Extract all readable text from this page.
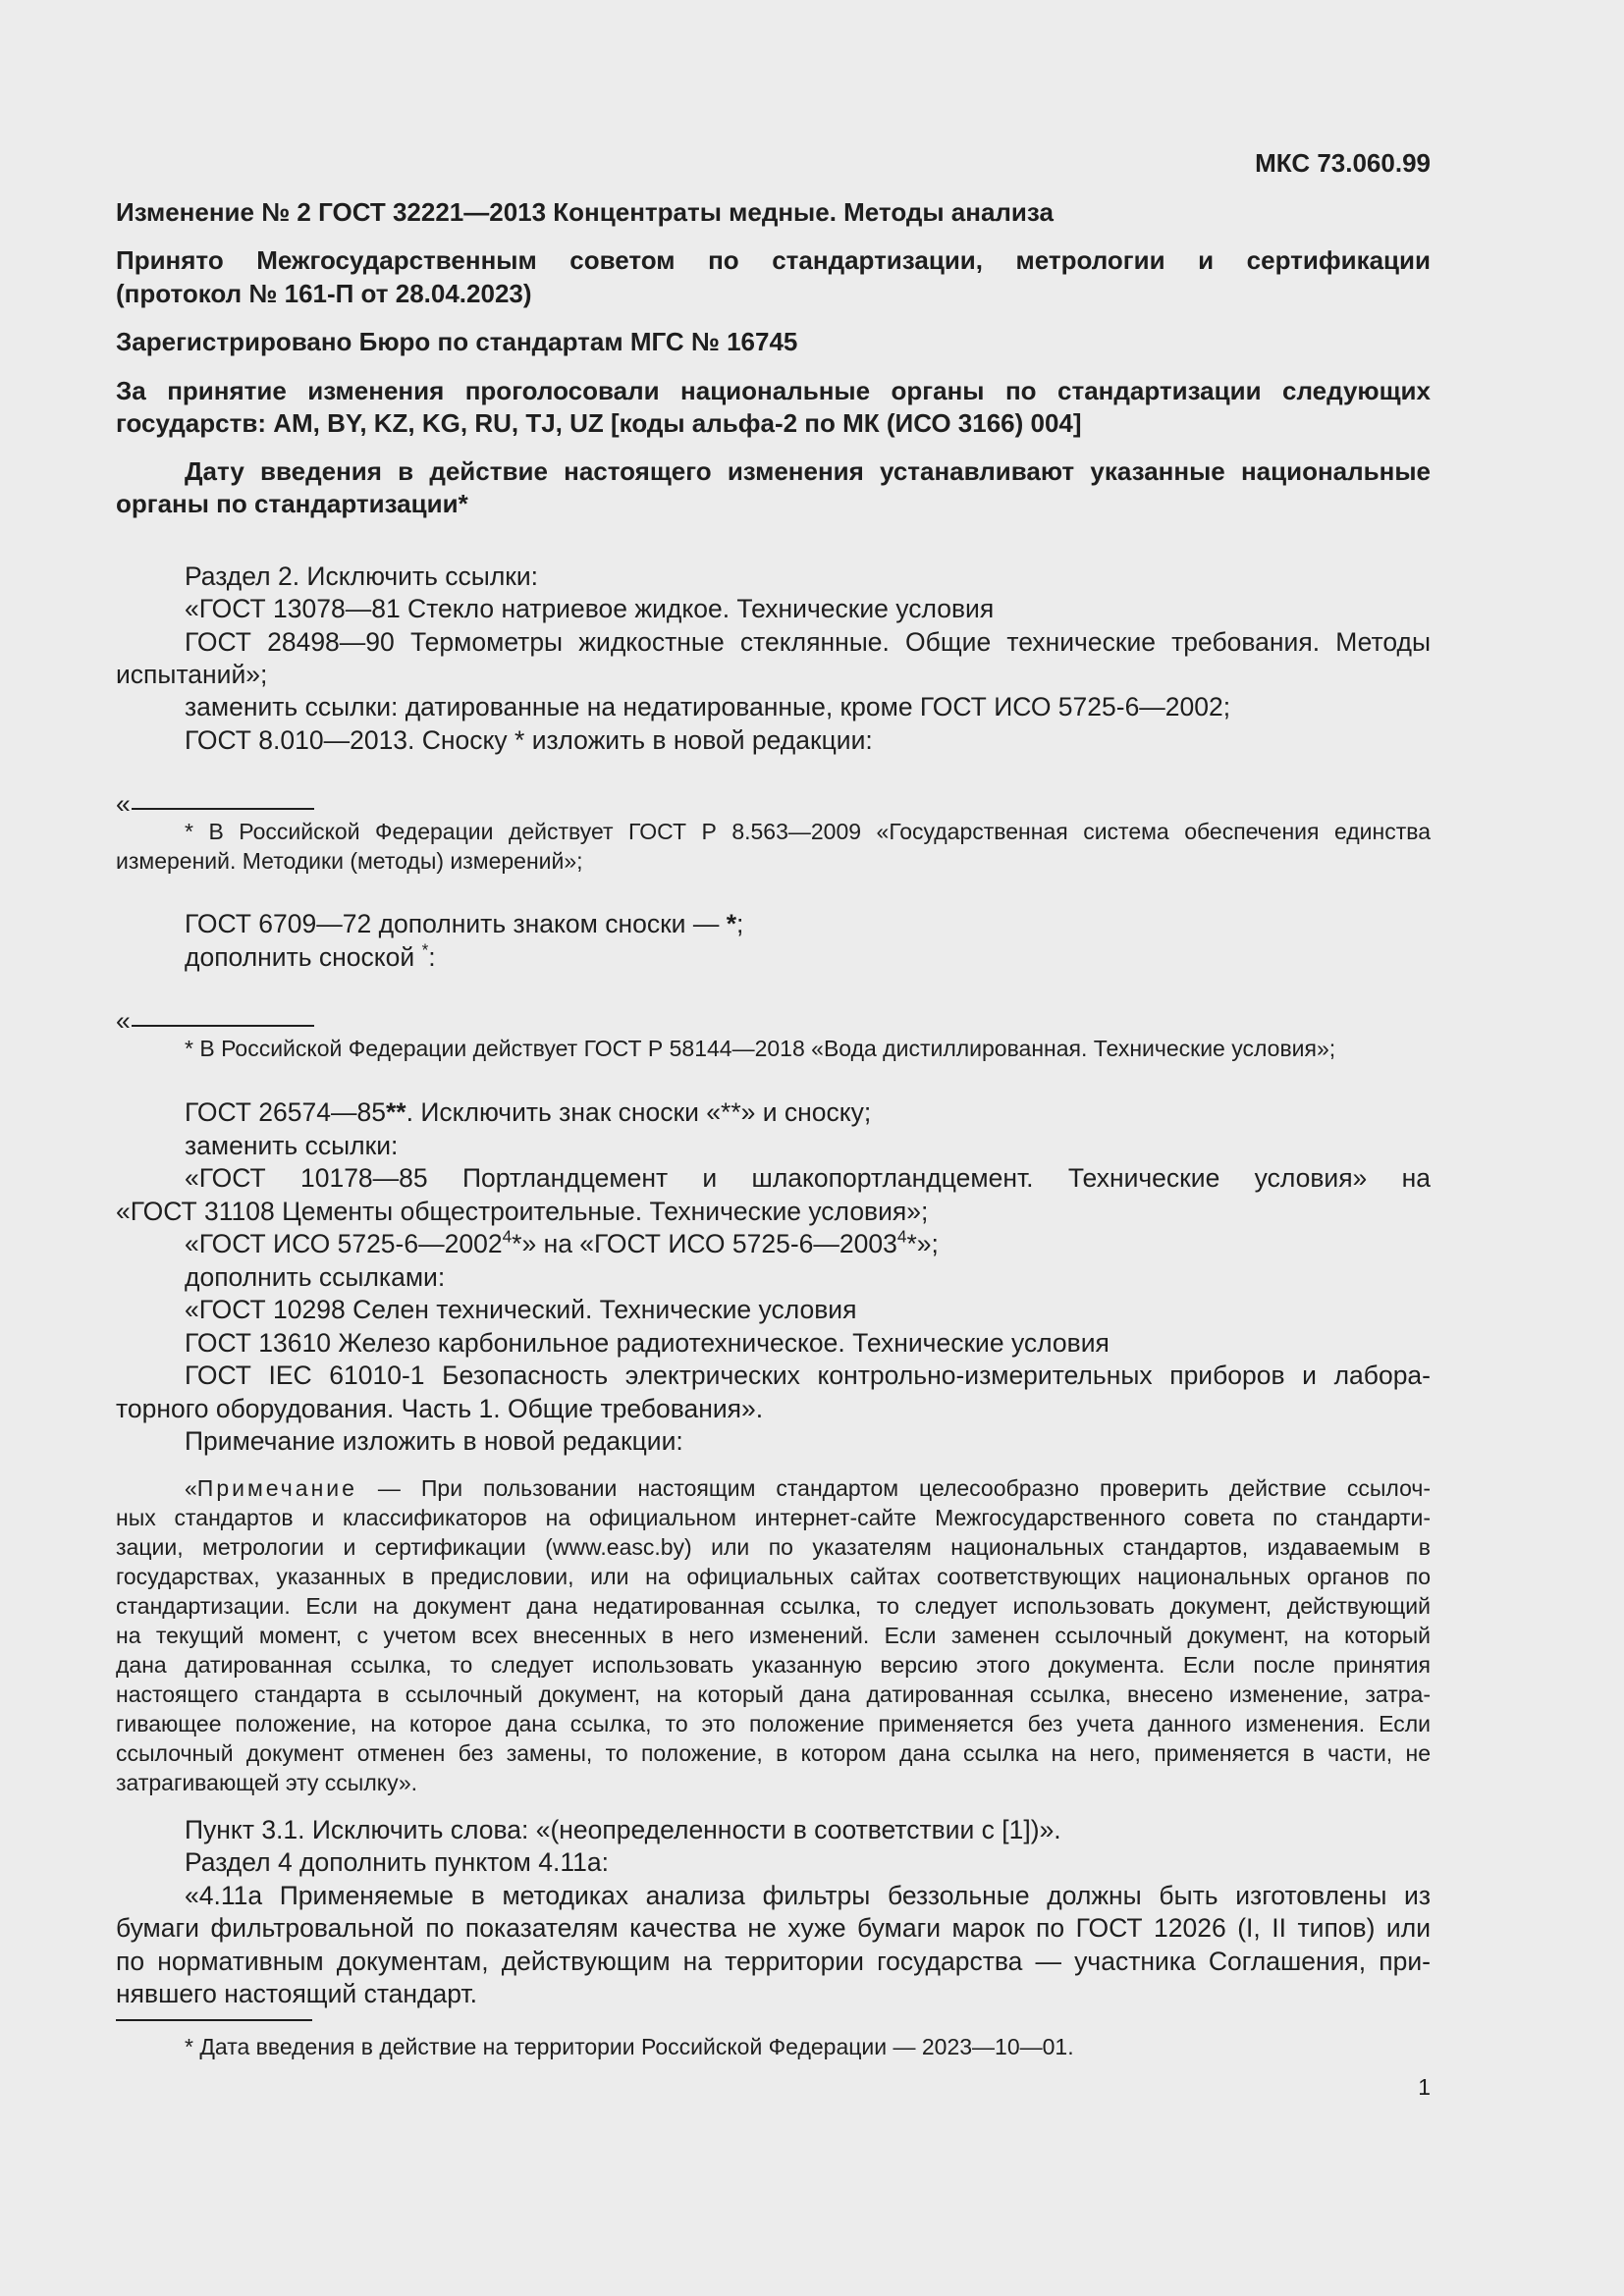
МКС 73.060.99

Изменение № 2 ГОСТ 32221—2013 Концентраты медные. Методы анализа

Принято Межгосударственным советом по стандартизации, метрологии и сертификации

(протокол № 161-П от 28.04.2023)

Зарегистрировано Бюро по стандартам МГС № 16745

За принятие изменения проголосовали национальные органы по стандартизации следующих

государств: AM, BY, KZ, KG, RU, TJ, UZ [коды альфа-2 по МК (ИСО 3166) 004]

Дату введения в действие настоящего изменения устанавливают указанные национальные

органы по стандартизации*

Раздел 2. Исключить ссылки:

«ГОСТ 13078—81 Стекло натриевое жидкое. Технические условия

ГОСТ 28498—90 Термометры жидкостные стеклянные. Общие технические требования. Методы

испытаний»;

заменить ссылки: датированные на недатированные, кроме ГОСТ ИСО 5725-6—2002;

ГОСТ 8.010—2013. Сноску * изложить в новой редакции:

«

* В Российской Федерации действует ГОСТ Р 8.563—2009 «Государственная система обеспечения единства

измерений. Методики (методы) измерений»;

ГОСТ 6709—72 дополнить знаком сноски — *;

дополнить сноской *:

«

* В Российской Федерации действует ГОСТ Р 58144—2018 «Вода дистиллированная. Технические условия»;

ГОСТ 26574—85**. Исключить знак сноски «**» и сноску;

заменить ссылки:

«ГОСТ 10178—85 Портландцемент и шлакопортландцемент. Технические условия» на

«ГОСТ 31108 Цементы общестроительные. Технические условия»;

«ГОСТ ИСО 5725-6—2002$^4$*» на «ГОСТ ИСО 5725-6—2003$^4$*»;

дополнить ссылками:

«ГОСТ 10298 Селен технический. Технические условия

ГОСТ 13610 Железо карбонильное радиотехническое. Технические условия

ГОСТ IEC 61010-1 Безопасность электрических контрольно-измерительных приборов и лабора-

торного оборудования. Часть 1. Общие требования».

Примечание изложить в новой редакции:

«Примечание — При пользовании настоящим стандартом целесообразно проверить действие ссылоч-

ных стандартов и классификаторов на официальном интернет-сайте Межгосударственного совета по стандарти-

зации, метрологии и сертификации (www.easc.by) или по указателям национальных стандартов, издаваемым в

государствах, указанных в предисловии, или на официальных сайтах соответствующих национальных органов по

стандартизации. Если на документ дана недатированная ссылка, то следует использовать документ, действующий

на текущий момент, с учетом всех внесенных в него изменений. Если заменен ссылочный документ, на который

дана датированная ссылка, то следует использовать указанную версию этого документа. Если после принятия

настоящего стандарта в ссылочный документ, на который дана датированная ссылка, внесено изменение, затра-

гивающее положение, на которое дана ссылка, то это положение применяется без учета данного изменения. Если

ссылочный документ отменен без замены, то положение, в котором дана ссылка на него, применяется в части, не

затрагивающей эту ссылку».

Пункт 3.1. Исключить слова: «(неопределенности в соответствии с [1])».

Раздел 4 дополнить пунктом 4.11а:

«4.11а Применяемые в методиках анализа фильтры беззольные должны быть изготовлены из

бумаги фильтровальной по показателям качества не хуже бумаги марок по ГОСТ 12026 (I, II типов) или

по нормативным документам, действующим на территории государства — участника Соглашения, при-

нявшего настоящий стандарт.

* Дата введения в действие на территории Российской Федерации — 2023—10—01.

1
